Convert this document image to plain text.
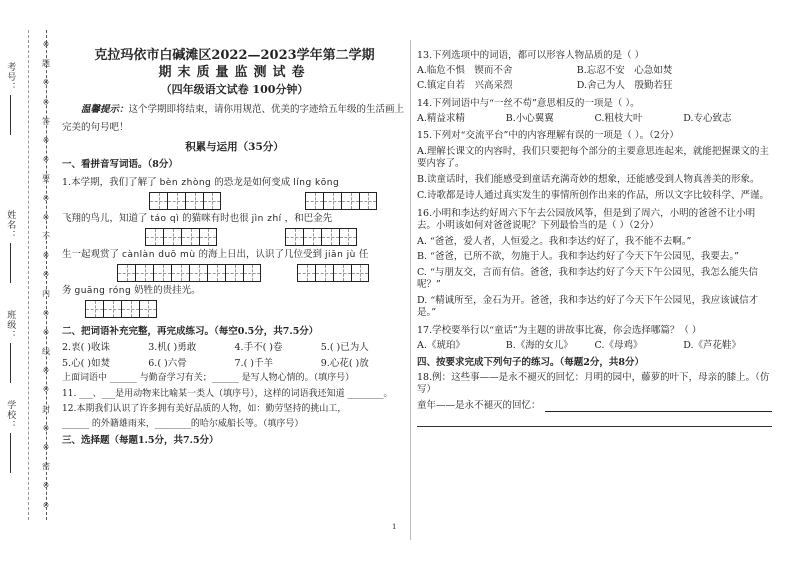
考号：
姓名：
班级：
学校：
※
题
※
※
答
※
※
要
※
※
不
※
※
内
※
※
线
※
※
封
※
※
密
※
※
克拉玛依市白碱滩区2022—2023学年第二学期
期末质量监测试卷
（四年级语文试卷 100分钟）
温馨提示：这个学期即将结束，请你用规范、优美的字迹给五年级的生活画上完美的句号吧！
积累与运用（35分）
一、看拼音写词语。（8分）
1.本学期，我们了解了 bèn zhòng 的恐龙是如何变成 líng kōng
飞翔的鸟儿，知道了 táo qì 的猫咪有时也很 jìn zhí ，和巴金先
生一起观赏了 cànlàn duō mù 的海上日出，认识了几位受到 jiān jù 任
务 guāng róng 奶牲的贵挂光。
二、把词语补充完整，再完成练习。（每空0.5分，共7.5分）
2.衷( )收诛	3.机( )勇敢	4.手不( )卷	5.( )已为人
5.心( )如焚	6.( )六骨	7.( )千羊	9.心花( )放
上面词语中 ______ 与勤奋学习有关；______ 是写人物心情的。（填序号）
11. ___、___是用动物来比喻某一类人（填序号），这样的词语我还知道 ________。
12.本期我们认识了许多拥有美好品质的人物，如：勤劳坚持的挑山工，
______ 的外籍雄雨来，________的哈尔威船长等。（填序号）
三、选择题（每题1.5分，共7.5分）
13.下列选项中的词语，都可以形容人物品质的是（ ）
A.临危不惧　锲而不舍	B.忘忍不安　心急如焚
C.镇定自若　兴高采烈	D.舍己为人　殷勤若狂
14.下列词语中与“一丝不苟”意思相反的一项是（ ）。
A.精益求精	B.小心翼翼	C.粗枝大叶	D.专心致志
15.下列对“交流平台”中的内容理解有误的一项是（ ）。（2分）
A.理解长课文的内容时，我们只要把每个部分的主要意思连起来，就能把握课文的主要内容了。
B.读童话时，我们能感受到童话充满奇妙的想象，还能感受到人物真善美的形象。
C.诗歌都是诗人通过真实发生的事情所创作出来的作品，所以文字比较科学、严谨。
16.小明和李达约好周六下午去公园放风筝，但是到了周六，小明的爸爸不让小明去。小明该如何对爸爸说呢？下列最恰当的是（ ）（2分）
A. “爸爸，爱人者，人恒爱之。我和李达约好了，我不能不去啊。”
B. “爸爸，已所不欲，勿施于人。我和李达约好了今天下午公园见，我要去。”
C. “与朋友交，言而有信。爸爸，我和李达约好了今天下午公园见，我怎么能失信呢？”
D. “精诚所至，金石为开。爸爸，我和李达约好了今天下午公园见，我应该诚信才是。”
17.学校要举行以“童话”为主题的讲故事比赛，你会选择哪篇？（ ）
A.《琥珀》	B.《海的女儿》	C.《母鸡》	D.《芦花鞋》
四、按要求完成下列句子的练习。（每题2分，共8分）
18.例：这些事——是永不褪灭的回忆：月明的园中，藤萝的叶下，母亲的膝上。（仿写）
童年——是永不褪灭的回忆：
1
